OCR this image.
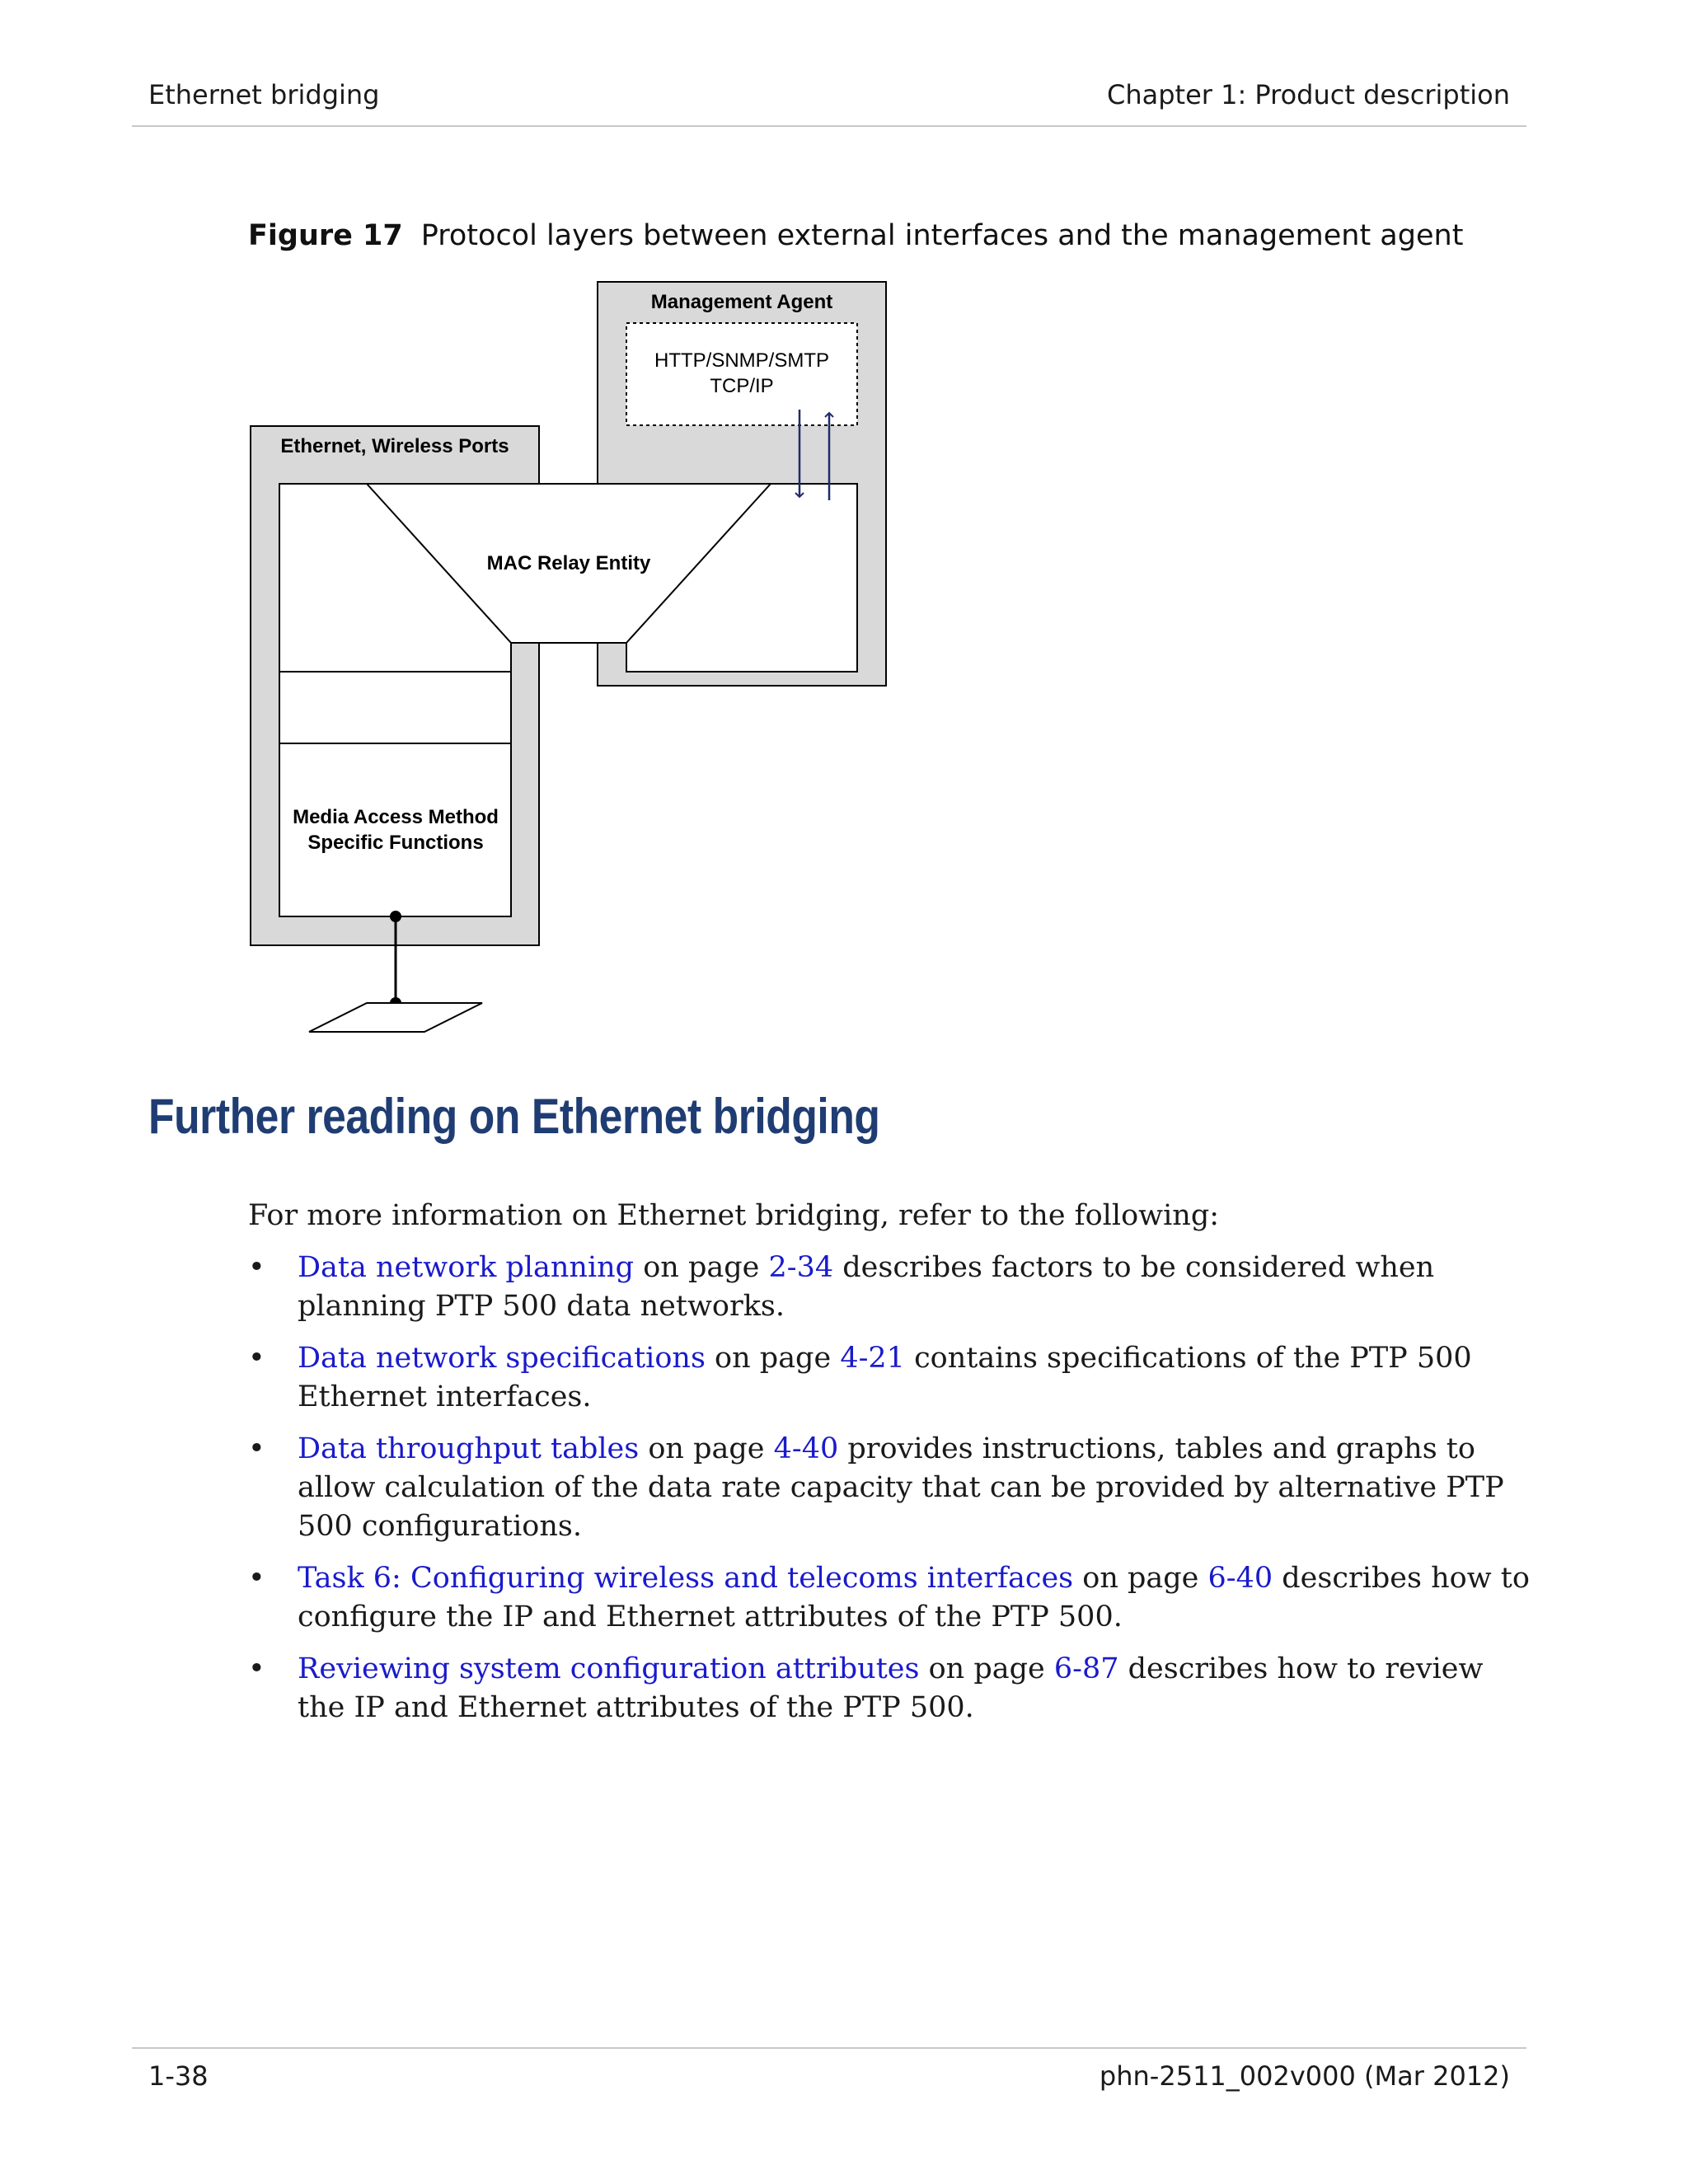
Ethernet bridging	Chapter 1: Product description
Figure 17 Protocol layers between external interfaces and the management agent
Management Agent
HTTP/SNMP/SMTP
TCP/IP
Ethernet, Wireless Ports
MAC Relay Entity
Media Access Method
Specific Functions
Further reading on Ethernet bridging

For more information on Ethernet bridging, refer to the following:

• Data network planning on page 2-34 describes factors to be considered when planning PTP 500 data networks.
• Data network specifications on page 4-21 contains specifications of the PTP 500 Ethernet interfaces.
• Data throughput tables on page 4-40 provides instructions, tables and graphs to allow calculation of the data rate capacity that can be provided by alternative PTP 500 configurations.
• Task 6: Configuring wireless and telecoms interfaces on page 6-40 describes how to configure the IP and Ethernet attributes of the PTP 500.
• Reviewing system configuration attributes on page 6-87 describes how to review the IP and Ethernet attributes of the PTP 500.
1-38	phn-2511_002v000 (Mar 2012)
